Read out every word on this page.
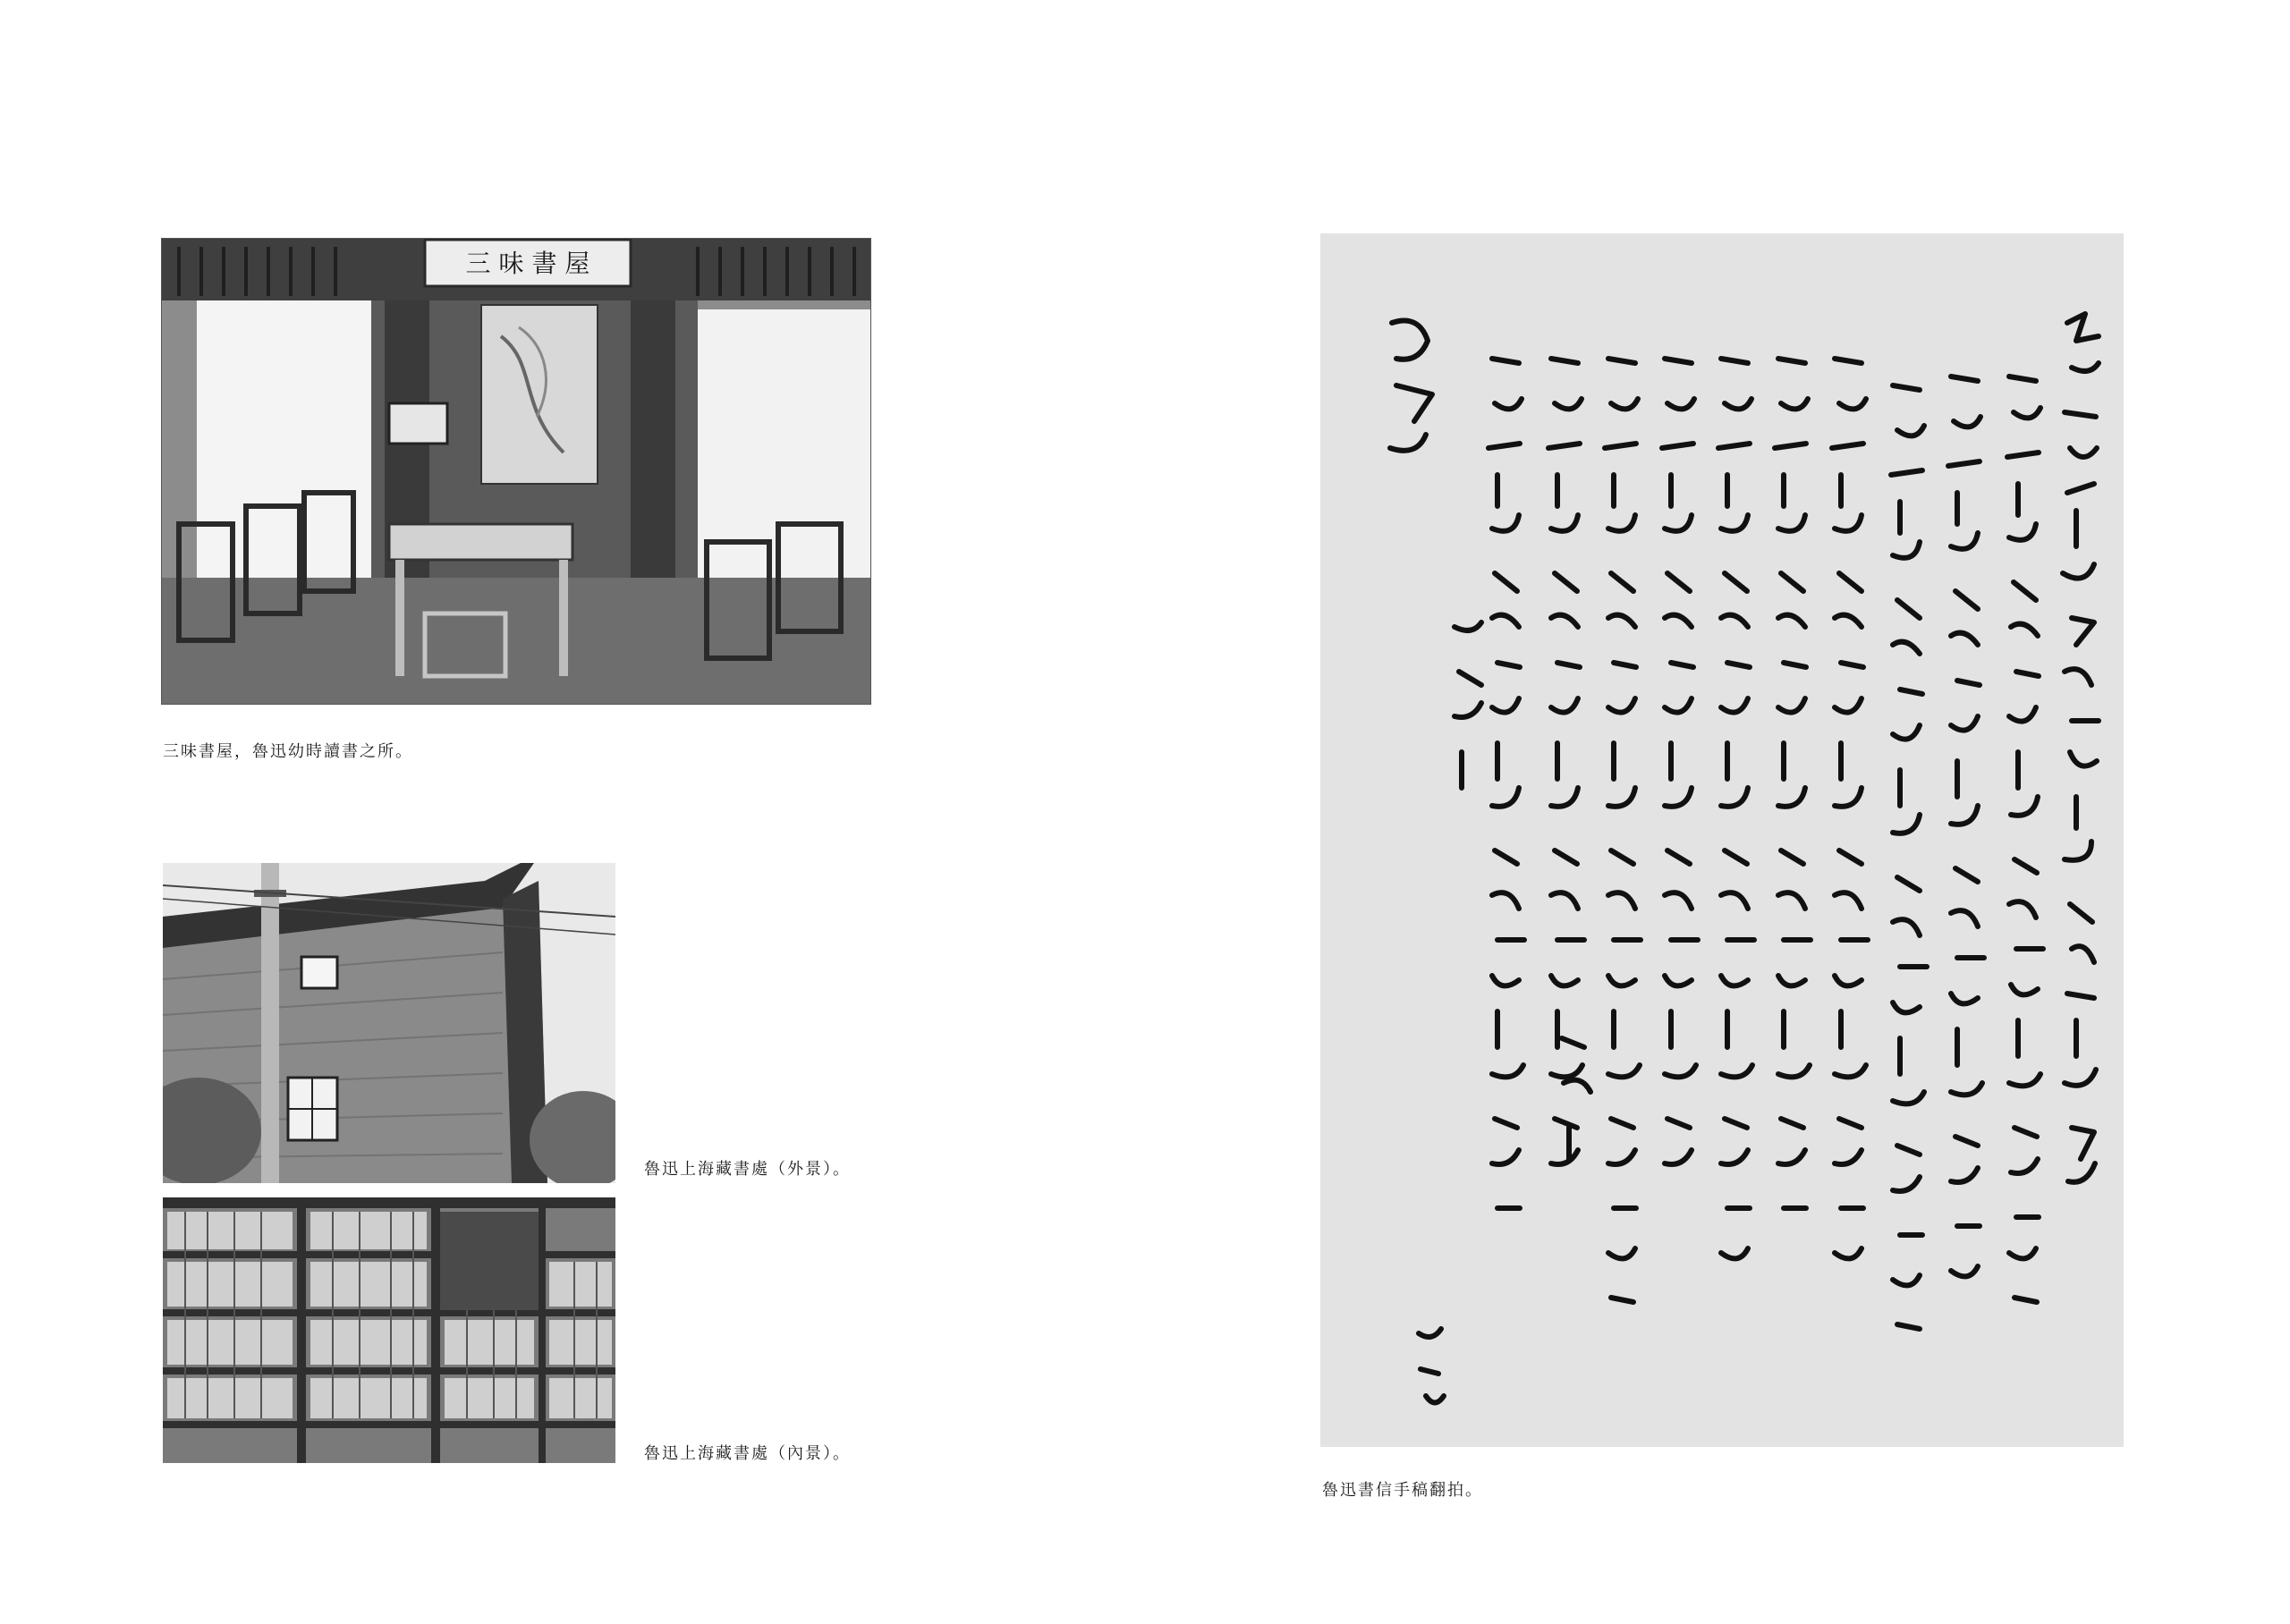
三 味 書 屋
三味書屋，魯迅幼時讀書之所。
魯迅上海藏書處（外景）。
魯迅上海藏書處（內景）。
魯迅書信手稿翻拍。
